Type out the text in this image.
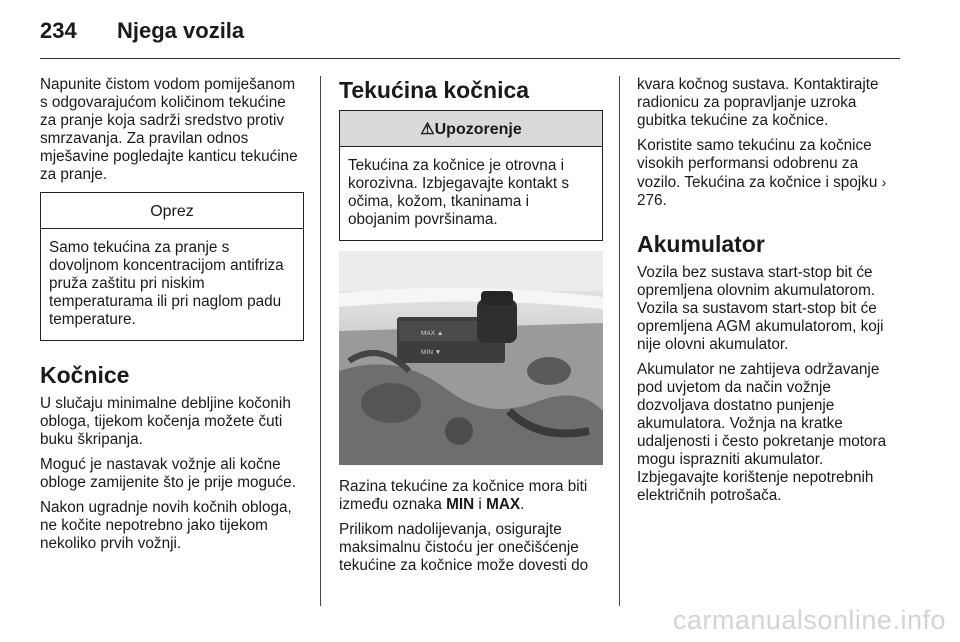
234 Njega vozila

Napunite čistom vodom pomiješanom s odgovarajućom količinom tekućine za pranje koja sadrži sredstvo protiv smrzavanja. Za pravilan odnos mješavine pogledajte kanticu tekućine za pranje.

Oprez
Samo tekućina za pranje s dovoljnom koncentracijom antifriza pruža zaštitu pri niskim temperaturama ili pri naglom padu temperature.
Kočnice

U slučaju minimalne debljine kočonih obloga, tijekom kočenja možete čuti buku škripanja.

Moguć je nastavak vožnje ali kočne obloge zamijenite što je prije moguće.

Nakon ugradnje novih kočnih obloga, ne kočite nepotrebno jako tijekom nekoliko prvih vožnji.

Tekućina kočnica
⚠Upozorenje
Tekućina za kočnice je otrovna i korozivna. Izbjegavajte kontakt s očima, kožom, tkaninama i obojanim površinama.
MAX ▲
MIN ▼

Razina tekućine za kočnice mora biti između oznaka MIN i MAX.

Prilikom nadolijevanja, osigurajte maksimalnu čistoću jer onečišćenje tekućine za kočnice može dovesti do

kvara kočnog sustava. Kontaktirajte radionicu za popravljanje uzroka gubitka tekućine za kočnice.

Koristite samo tekućinu za kočnice visokih performansi odobrenu za vozilo. Tekućina za kočnice i spojku › 276.

Akumulator

Vozila bez sustava start-stop bit će opremljena olovnim akumulatorom. Vozila sa sustavom start-stop bit će opremljena AGM akumulatorom, koji nije olovni akumulator.

Akumulator ne zahtijeva održavanje pod uvjetom da način vožnje dozvoljava dostatno punjenje akumulatora. Vožnja na kratke udaljenosti i često pokretanje motora mogu isprazniti akumulator. Izbjegavajte korištenje nepotrebnih električnih potrošača.

carmanualsonline.info
